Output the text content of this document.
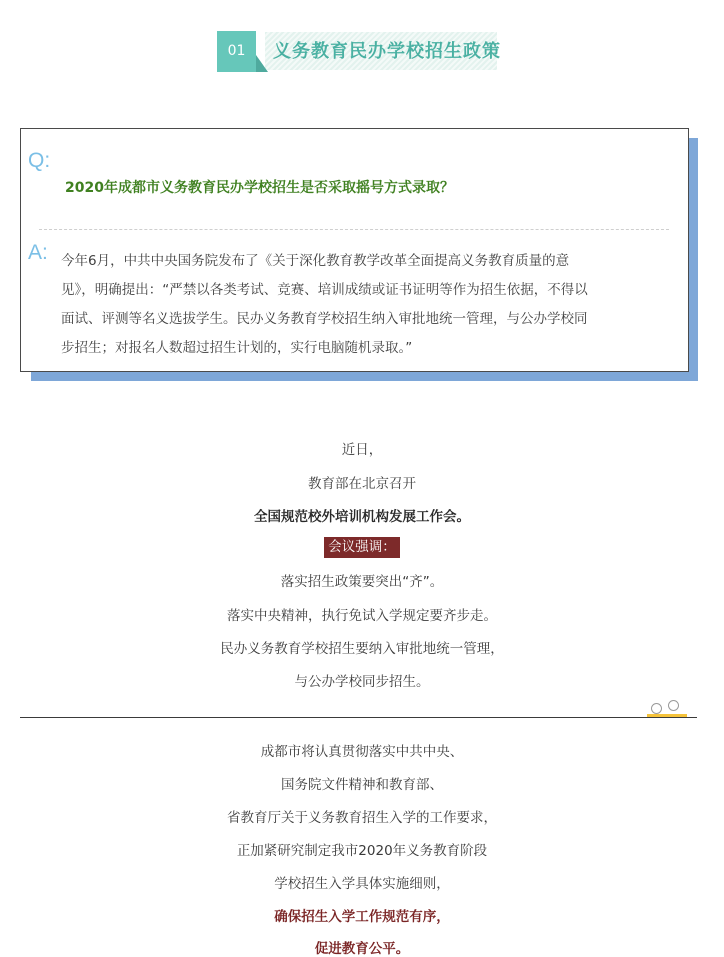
01	义务教育民办学校招生政策
Q:
2020年成都市义务教育民办学校招生是否采取摇号方式录取？
A: 今年6月，中共中央国务院发布了《关于深化教育教学改革全面提高义务教育质量的意
见》，明确提出：“严禁以各类考试、竞赛、培训成绩或证书证明等作为招生依据，不得以
面试、评测等名义选拔学生。民办义务教育学校招生纳入审批地统一管理，与公办学校同
步招生；对报名人数超过招生计划的，实行电脑随机录取。”
近日，
教育部在北京召开
全国规范校外培训机构发展工作会。
会议强调：
落实招生政策要突出“齐”。
落实中央精神，执行免试入学规定要齐步走。
民办义务教育学校招生要纳入审批地统一管理，
与公办学校同步招生。
成都市将认真贯彻落实中共中央、
国务院文件精神和教育部、
省教育厅关于义务教育招生入学的工作要求，
正加紧研究制定我市2020年义务教育阶段
学校招生入学具体实施细则，
确保招生入学工作规范有序，
促进教育公平。
